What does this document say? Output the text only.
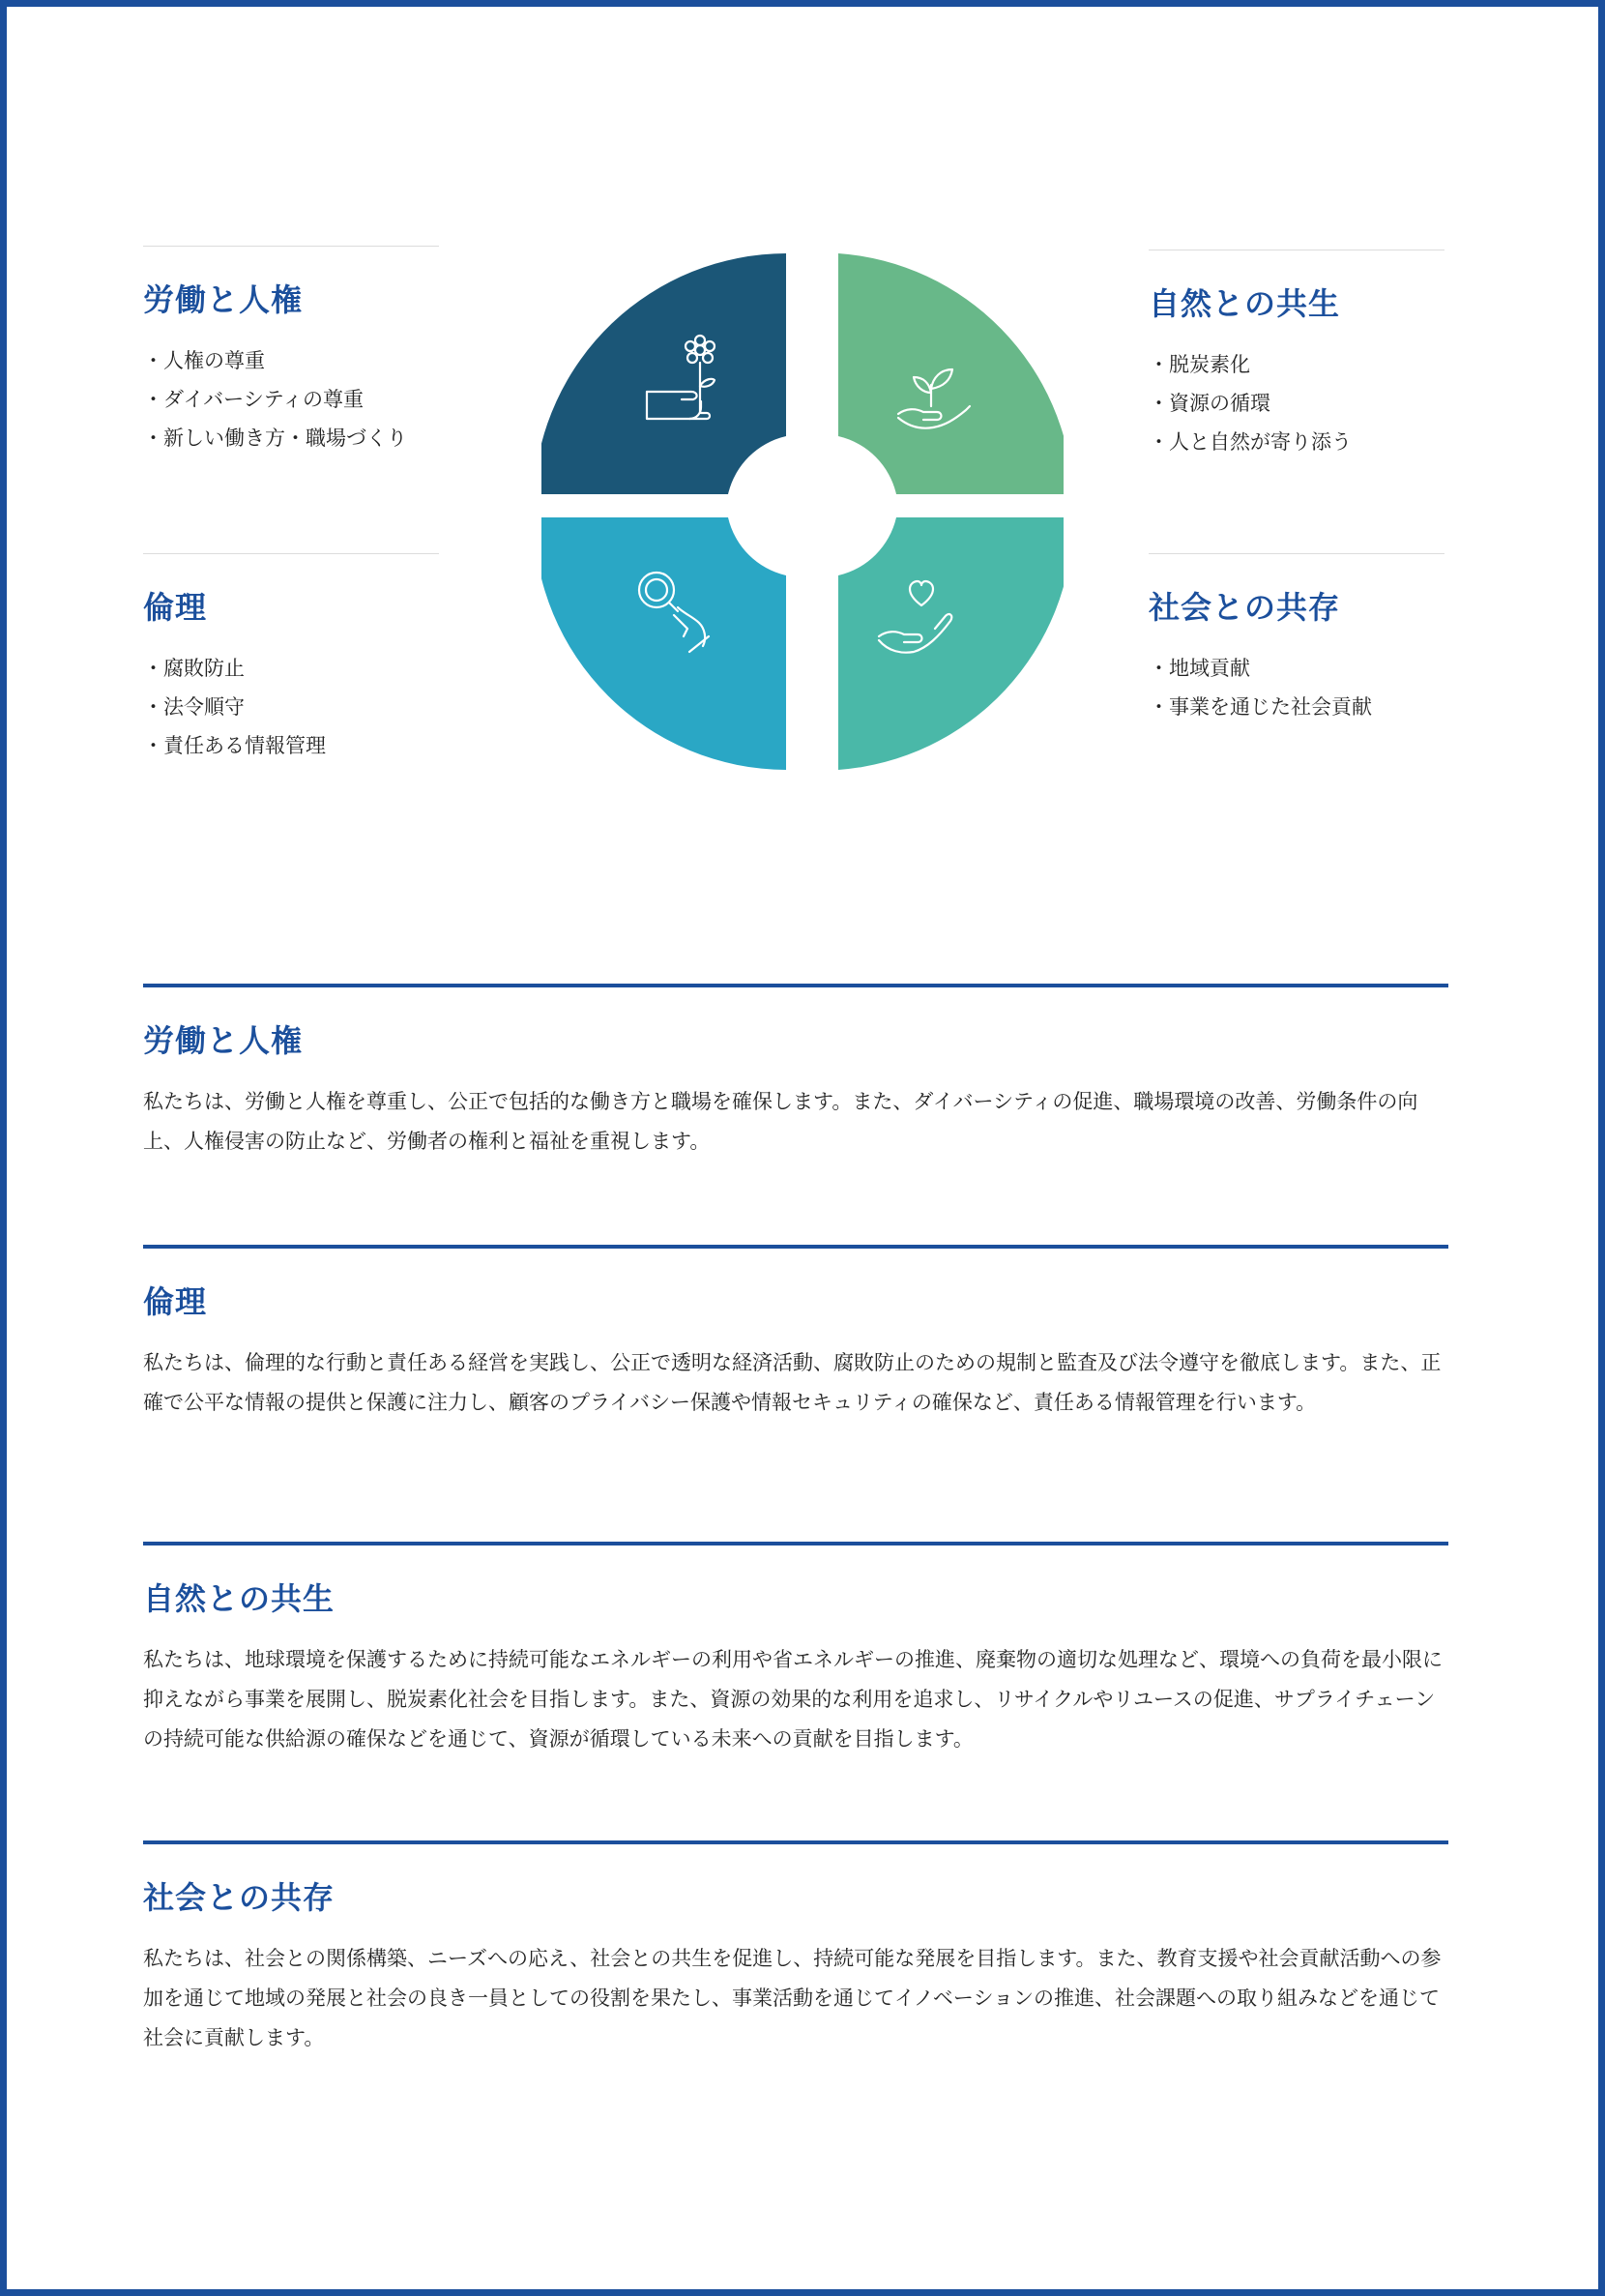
労働と人権
・ 人権の尊重
・ ダイバーシティの尊重
・ 新しい働き方・職場づくり
自然との共生
・ 脱炭素化
・ 資源の循環
・ 人と自然が寄り添う
倫理
・ 腐敗防止
・ 法令順守
・ 責任ある情報管理
社会との共存
・ 地域貢献
・ 事業を通じた社会貢献
労働と人権

私たちは、労働と人権を尊重し、公正で包括的な働き方と職場を確保します。また、ダイバーシティの促進、職場環境の改善、労働条件の向上、人権侵害の防止など、労働者の権利と福祉を重視します。

倫理

私たちは、倫理的な行動と責任ある経営を実践し、公正で透明な経済活動、腐敗防止のための規制と監査及び法令遵守を徹底します。また、正確で公平な情報の提供と保護に注力し、顧客のプライバシー保護や情報セキュリティの確保など、責任ある情報管理を行います。

自然との共生

私たちは、地球環境を保護するために持続可能なエネルギーの利用や省エネルギーの推進、廃棄物の適切な処理など、環境への負荷を最小限に抑えながら事業を展開し、脱炭素化社会を目指します。また、資源の効果的な利用を追求し、リサイクルやリユースの促進、サプライチェーンの持続可能な供給源の確保などを通じて、資源が循環している未来への貢献を目指します。

社会との共存

私たちは、社会との関係構築、ニーズへの応え、社会との共生を促進し、持続可能な発展を目指します。また、教育支援や社会貢献活動への参加を通じて地域の発展と社会の良き一員としての役割を果たし、事業活動を通じてイノベーションの推進、社会課題への取り組みなどを通じて社会に貢献します。
